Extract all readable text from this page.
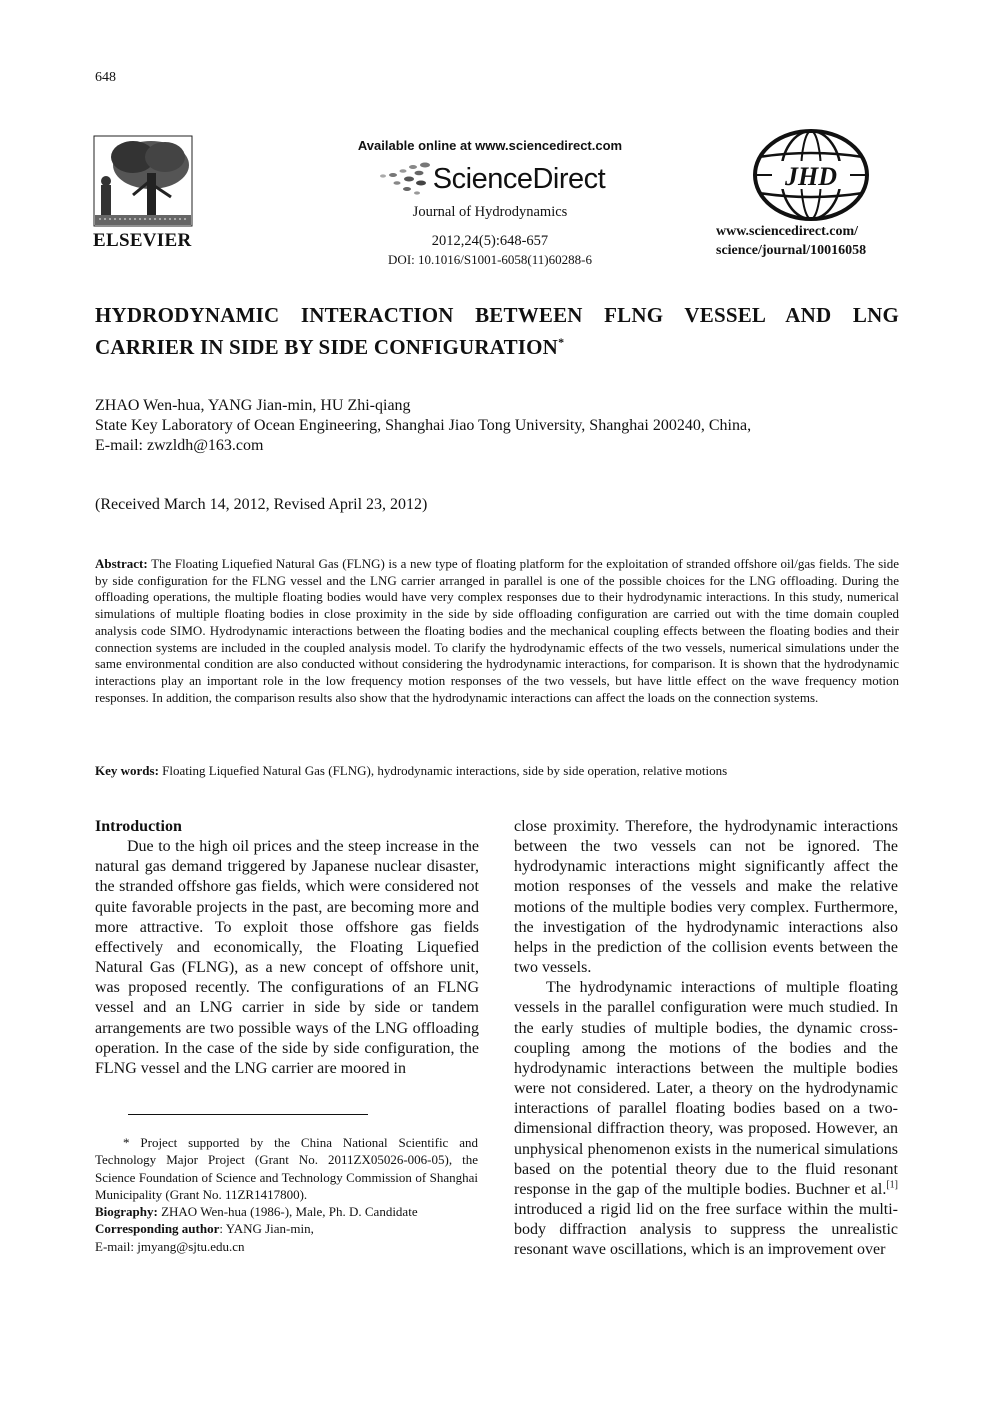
648
ELSEVIER
Available online at www.sciencedirect.com
ScienceDirect
Journal of Hydrodynamics
2012,24(5):648-657
DOI: 10.1016/S1001-6058(11)60288-6
JHD
www.sciencedirect.com/
science/journal/10016058
HYDRODYNAMIC INTERACTION BETWEEN FLNG VESSEL AND LNG CARRIER IN SIDE BY SIDE CONFIGURATION*
ZHAO Wen-hua, YANG Jian-min, HU Zhi-qiang
State Key Laboratory of Ocean Engineering, Shanghai Jiao Tong University, Shanghai 200240, China,
E-mail: zwzldh@163.com
(Received March 14, 2012, Revised April 23, 2012)
Abstract: The Floating Liquefied Natural Gas (FLNG) is a new type of floating platform for the exploitation of stranded offshore oil/gas fields. The side by side configuration for the FLNG vessel and the LNG carrier arranged in parallel is one of the possible choices for the LNG offloading. During the offloading operations, the multiple floating bodies would have very complex responses due to their hydrodynamic interactions. In this study, numerical simulations of multiple floating bodies in close proximity in the side by side offloading configuration are carried out with the time domain coupled analysis code SIMO. Hydrodynamic interactions between the floating bodies and the mechanical coupling effects between the floating bodies and their connection systems are included in the coupled analysis model. To clarify the hydrodynamic effects of the two vessels, numerical simulations under the same environmental condition are also conducted without considering the hydrodynamic interactions, for comparison. It is shown that the hydrodynamic interactions play an important role in the low frequency motion responses of the two vessels, but have little effect on the wave frequency motion responses. In addition, the comparison results also show that the hydrodynamic interactions can affect the loads on the connection systems.
Key words: Floating Liquefied Natural Gas (FLNG), hydrodynamic interactions, side by side operation, relative motions
Introduction

Due to the high oil prices and the steep increase in the natural gas demand triggered by Japanese nuclear disaster, the stranded offshore gas fields, which were considered not quite favorable projects in the past, are becoming more and more attractive. To exploit those offshore gas fields effectively and economically, the Floating Liquefied Natural Gas (FLNG), as a new concept of offshore unit, was proposed recently. The configurations of an FLNG vessel and an LNG carrier in side by side or tandem arrangements are two possible ways of the LNG offloading operation. In the case of the side by side configuration, the FLNG vessel and the LNG carrier are moored in

* Project supported by the China National Scientific and Technology Major Project (Grant No. 2011ZX05026-006-05), the Science Foundation of Science and Technology Commission of Shanghai Municipality (Grant No. 11ZR1417800).

Biography: ZHAO Wen-hua (1986-), Male, Ph. D. Candidate

Corresponding author: YANG Jian-min,

E-mail: jmyang@sjtu.edu.cn

close proximity. Therefore, the hydrodynamic interactions between the two vessels can not be ignored. The hydrodynamic interactions might significantly affect the motion responses of the vessels and make the relative motions of the multiple bodies very complex. Furthermore, the investigation of the hydrodynamic interactions also helps in the prediction of the collision events between the two vessels.

The hydrodynamic interactions of multiple floating vessels in the parallel configuration were much studied. In the early studies of multiple bodies, the dynamic cross-coupling among the motions of the bodies and the hydrodynamic interactions between the multiple bodies were not considered. Later, a theory on the hydrodynamic interactions of parallel floating bodies based on a two-dimensional diffraction theory, was proposed. However, an unphysical phenomenon exists in the numerical simulations based on the potential theory due to the fluid resonant response in the gap of the multiple bodies. Buchner et al.[1] introduced a rigid lid on the free surface within the multi-body diffraction analysis to suppress the unrealistic resonant wave oscillations, which is an improvement over
